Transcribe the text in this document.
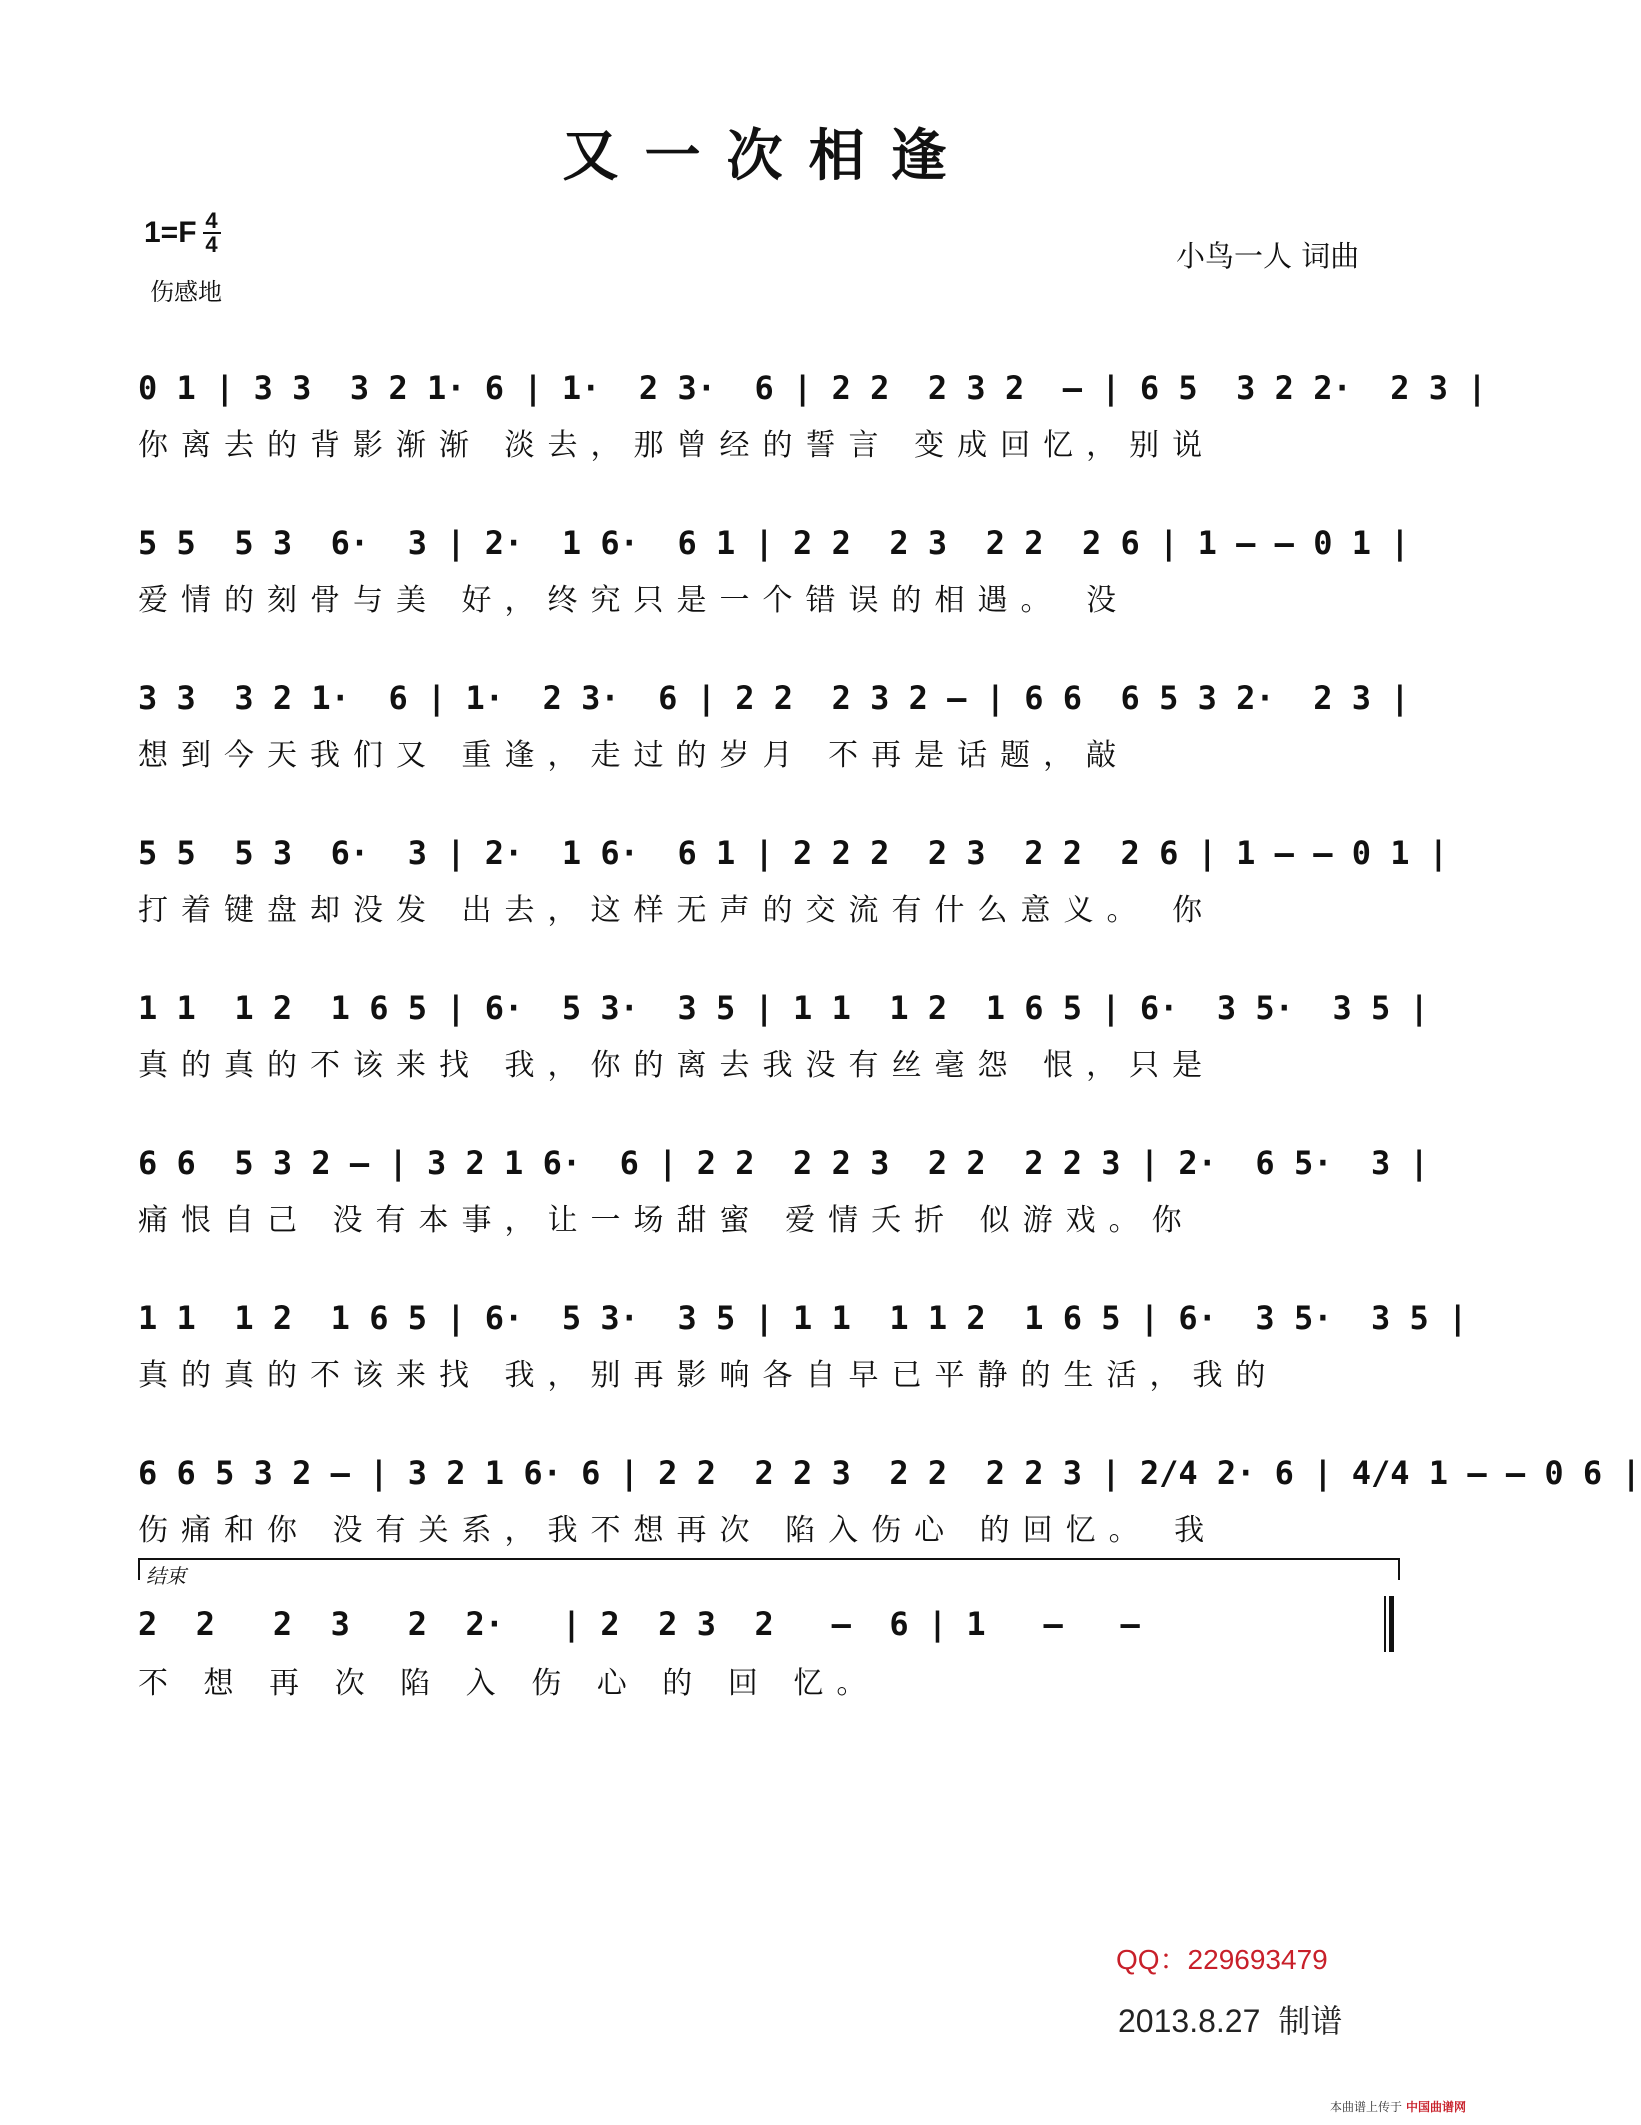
又一次相逢
$1=F \frac{4}{4}$
伤感地
小鸟一人 词曲
0 1 | 3 3  3 2 1· 6 | 1·  2 3·  6 | 2 2  2 3 2  – | 6 5  3 2 2·  2 3 |
你离去的背影渐渐 淡去，那曾经的誓言 变成回忆，别说
5 5  5 3  6·  3 | 2·  1 6·  6 1 | 2 2  2 3  2 2  2 6 | 1 – – 0 1 |
爱情的刻骨与美 好，终究只是一个错误的相遇。 没
3 3  3 2 1·  6 | 1·  2 3·  6 | 2 2  2 3 2 – | 6 6  6 5 3 2·  2 3 |
想到今天我们又 重逢，走过的岁月 不再是话题，敲
5 5  5 3  6·  3 | 2·  1 6·  6 1 | 2 2 2  2 3  2 2  2 6 | 1 – – 0 1 |
打着键盘却没发 出去，这样无声的交流有什么意义。 你
1 1  1 2  1 6 5 | 6·  5 3·  3 5 | 1 1  1 2  1 6 5 | 6·  3 5·  3 5 |
真的真的不该来找 我，你的离去我没有丝毫怨 恨，只是
6 6  5 3 2 – | 3 2 1 6·  6 | 2 2  2 2 3  2 2  2 2 3 | 2·  6 5·  3 |
痛恨自己 没有本事，让一场甜蜜 爱情夭折 似游戏。你
1 1  1 2  1 6 5 | 6·  5 3·  3 5 | 1 1  1 1 2  1 6 5 | 6·  3 5·  3 5 |
真的真的不该来找 我，别再影响各自早已平静的生活，我的
6 6 5 3 2 – | 3 2 1 6· 6 | 2 2  2 2 3  2 2  2 2 3 | 2/4 2· 6 | 4/4 1 – – 0 6 |
伤痛和你 没有关系，我不想再次 陷入伤心 的回忆。 我
结束
2  2   2  3   2  2·   | 2  2 3  2   –  6 | 1   –   –
不 想 再 次 陷 入 伤 心 的 回 忆。
QQ：229693479
2013.8.27 制谱
本曲谱上传于 中国曲谱网
